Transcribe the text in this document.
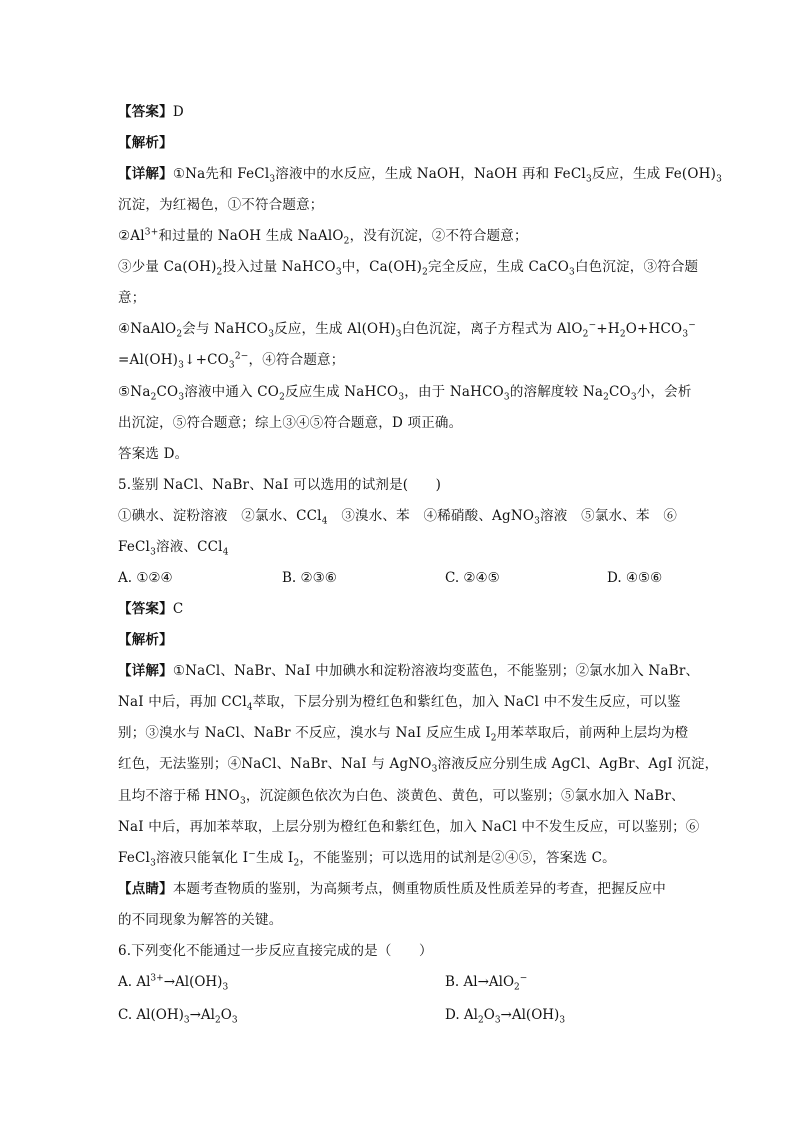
【答案】D
【解析】
【详解】①Na先和 FeCl$_3$溶液中的水反应，生成 NaOH，NaOH 再和 FeCl$_3$反应，生成 $Fe(OH)_3$
沉淀，为红褐色，①不符合题意；
$②Al^{3+}$和过量的 NaOH 生成 NaAlO$_2$，没有沉淀，②不符合题意；
③少量 $Ca(OH)_2$投入过量 NaHCO$_3$中，$Ca(OH)_2$完全反应，生成 CaCO$_3$白色沉淀，③符合题
意；
④NaAlO$_2$会与 NaHCO$_3$反应，生成 $Al(OH)_3$白色沉淀，离子方程式为 $AlO_2^-+H_2O+HCO_3^-$
$=Al(OH)_3↓+CO_3^{2-}$，④符合题意；
$⑤Na_2CO_3$溶液中通入 $CO_2$反应生成 NaHCO$_3$，由于 NaHCO$_3$的溶解度较 $Na_2CO_3$小，会析
出沉淀，⑤符合题意；综上③④⑤符合题意，D 项正确。
答案选 D。
5.鉴别 NaCl、NaBr、NaI 可以选用的试剂是(　　)
①碘水、淀粉溶液　②氯水、CCl$_4$　③溴水、苯　④稀硝酸、AgNO$_3$溶液　⑤氯水、苯　⑥
FeCl$_3$溶液、CCl$_4$
A. ①②④	B. ②③⑥	C. ②④⑤	D. ④⑤⑥
【答案】C
【解析】
【详解】①NaCl、NaBr、NaI 中加碘水和淀粉溶液均变蓝色，不能鉴别；②氯水加入 NaBr、
NaI 中后，再加 CCl$_4$萃取，下层分别为橙红色和紫红色，加入 NaCl 中不发生反应，可以鉴
别；③溴水与 NaCl、NaBr 不反应，溴水与 NaI 反应生成 $I_2$用苯萃取后，前两种上层均为橙
红色，无法鉴别；④NaCl、NaBr、NaI 与 AgNO$_3$溶液反应分别生成 AgCl、AgBr、AgI 沉淀，
且均不溶于稀 $HNO_3$，沉淀颜色依次为白色、淡黄色、黄色，可以鉴别；⑤氯水加入 NaBr、
NaI 中后，再加苯萃取，上层分别为橙红色和紫红色，加入 NaCl 中不发生反应，可以鉴别；⑥
FeCl$_3$溶液只能氧化 I−生成 $I_2$，不能鉴别；可以选用的试剂是②④⑤，答案选 C。
【点睛】本题考查物质的鉴别，为高频考点，侧重物质性质及性质差异的考查，把握反应中
的不同现象为解答的关键。
6.下列变化不能通过一步反应直接完成的是（　　）
A. $Al^{3+}\to Al(OH)_3$	B. Al→AlO$_2$−
C. $Al(OH)_3\to Al_2O_3$	D. $Al_2O_3\to Al(OH)_3$
